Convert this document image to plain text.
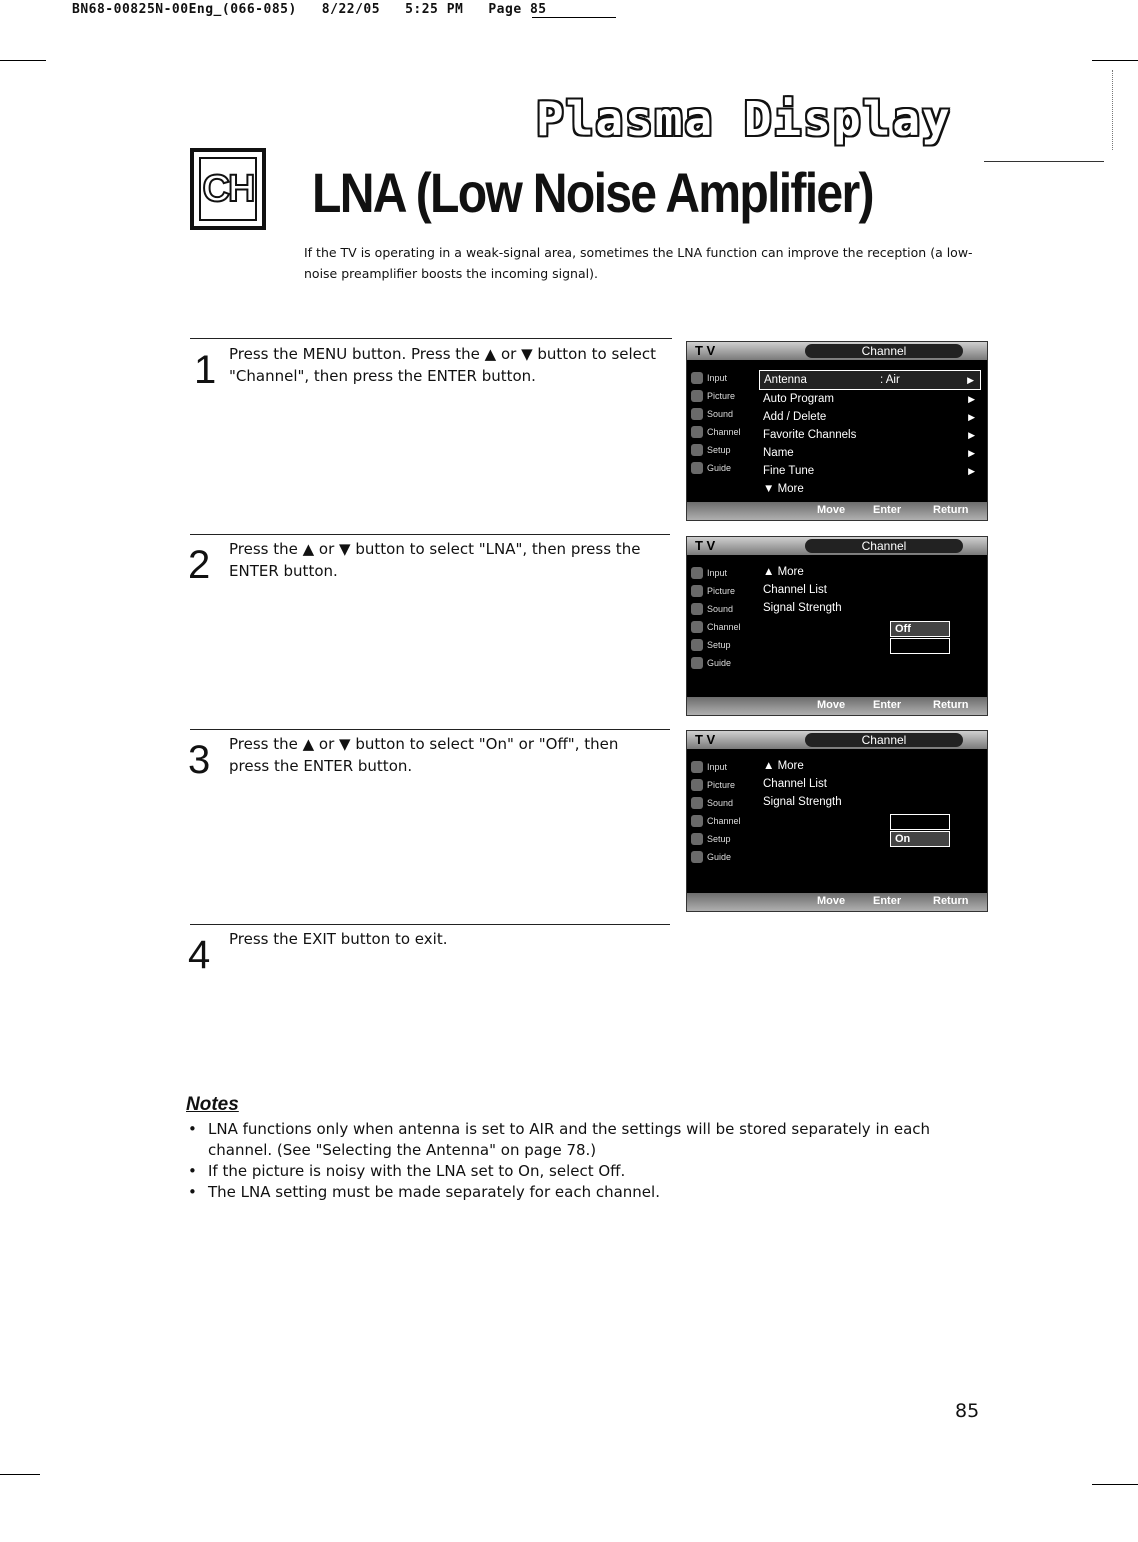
BN68-00825N-00Eng_(066-085)   8/22/05   5:25 PM   Page 85
Plasma Display
CH LNA (Low Noise Amplifier)
If the TV is operating in a weak-signal area, sometimes the LNA function can improve the reception (a low-noise preamplifier boosts the incoming signal).
1 Press the MENU button. Press the ▲ or ▼ button to select "Channel", then press the ENTER button.
T V	Channel
Input
Picture
Sound
Channel
Setup
Guide
Antenna	: Air	▶
Auto Program	▶
Add / Delete	▶
Favorite Channels	▶
Name	▶
Fine Tune	▶
▼ More
Move	Enter	Return
2 Press the ▲ or ▼ button to select "LNA", then press the ENTER button.
T V	Channel
Input
Picture
Sound
Channel
Setup
Guide
▲ More
Channel List
Signal Strength
Off
Move	Enter	Return
3 Press the ▲ or ▼ button to select "On" or "Off", then press the ENTER button.
T V	Channel
Input
Picture
Sound
Channel
Setup
Guide
▲ More
Channel List
Signal Strength
On
Move	Enter	Return
4 Press the EXIT button to exit.
Notes
• LNA functions only when antenna is set to AIR and the settings will be stored separately in each channel. (See "Selecting the Antenna" on page 78.)
• If the picture is noisy with the LNA set to On, select Off.
• The LNA setting must be made separately for each channel.
85
